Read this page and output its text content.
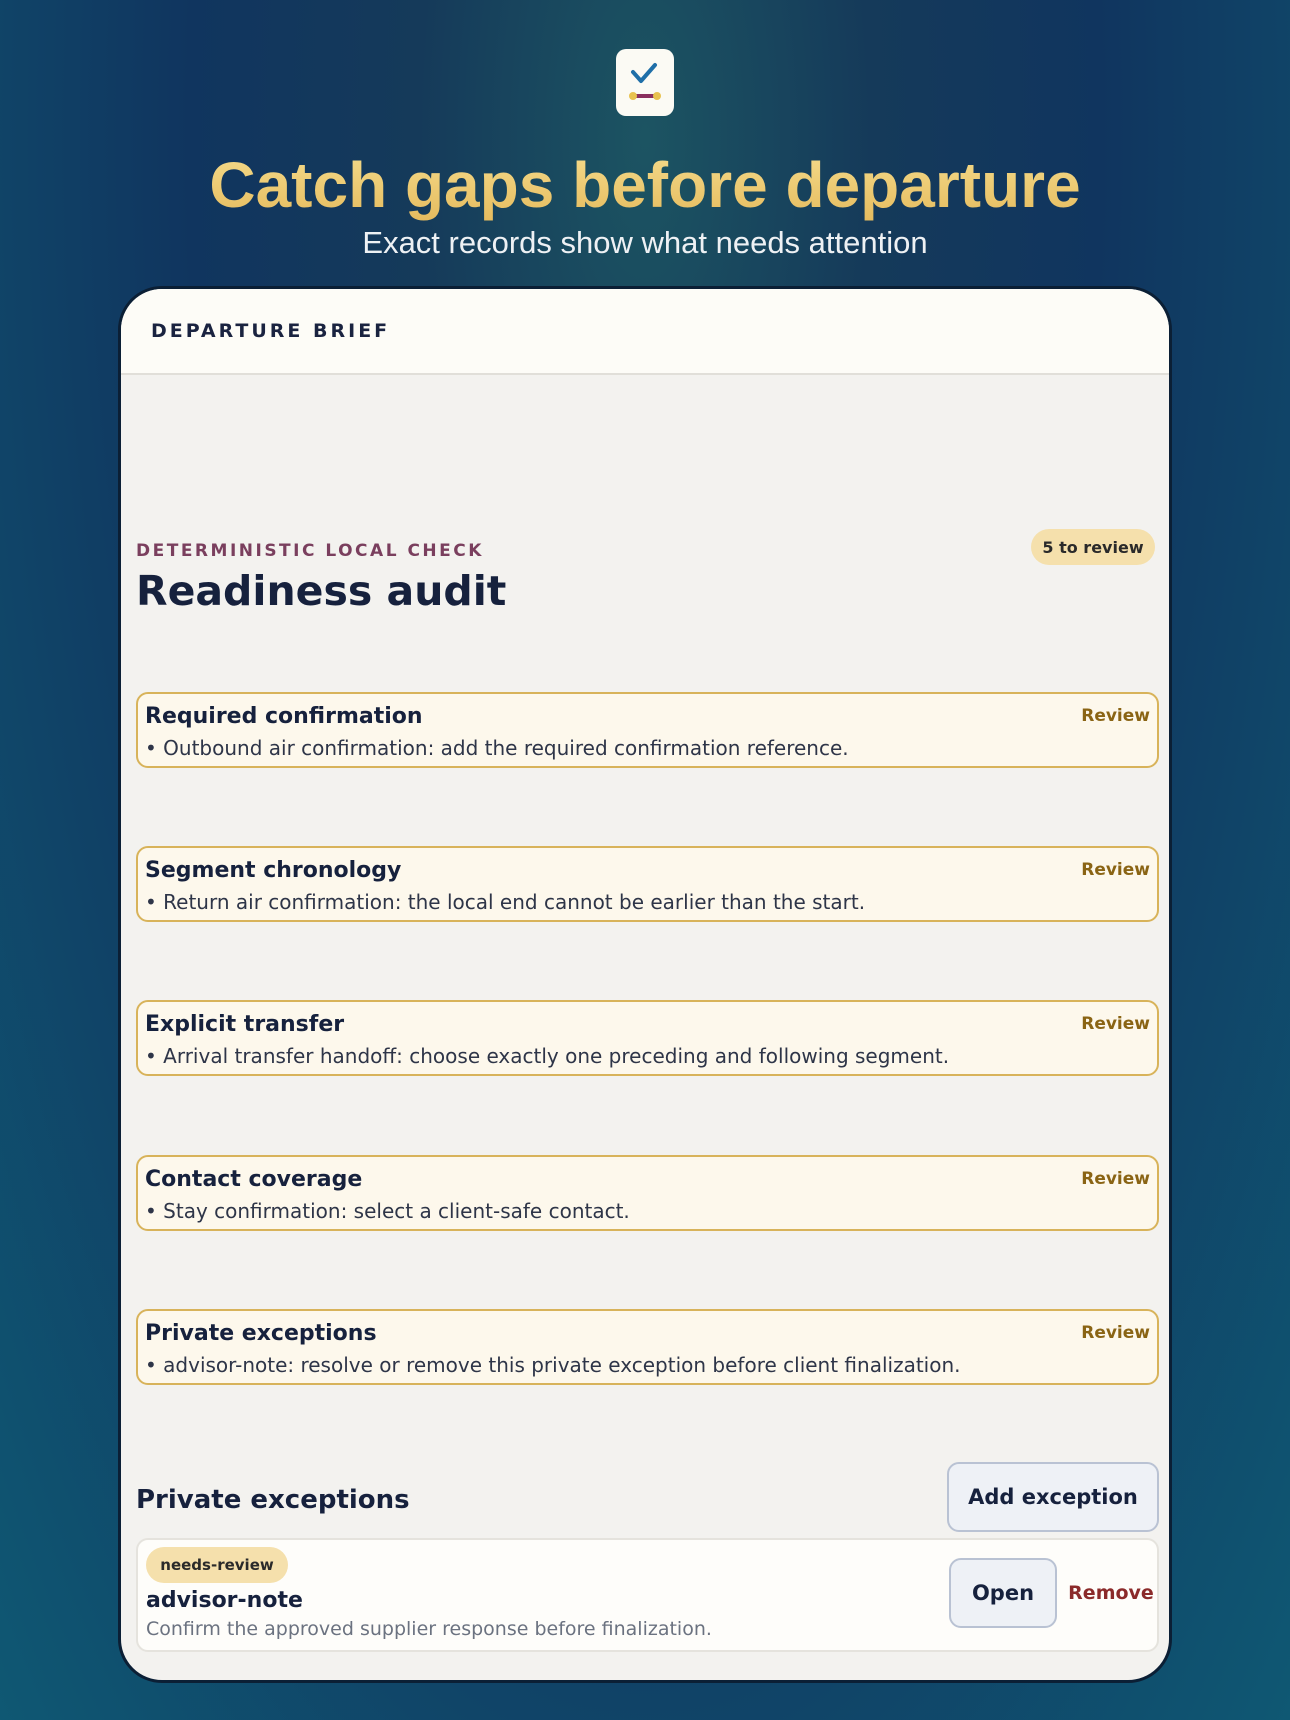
Catch gaps before departure
Exact records show what needs attention
DEPARTURE BRIEF
DETERMINISTIC LOCAL CHECK
Readiness audit
5 to review
Required confirmation
• Outbound air confirmation: add the required confirmation reference.
Review
Segment chronology
• Return air confirmation: the local end cannot be earlier than the start.
Review
Explicit transfer
• Arrival transfer handoff: choose exactly one preceding and following segment.
Review
Contact coverage
• Stay confirmation: select a client-safe contact.
Review
Private exceptions
• advisor-note: resolve or remove this private exception before client finalization.
Review
Private exceptions	Add exception
needs-review
advisor-note
Confirm the approved supplier response before finalization.
Open	Remove
